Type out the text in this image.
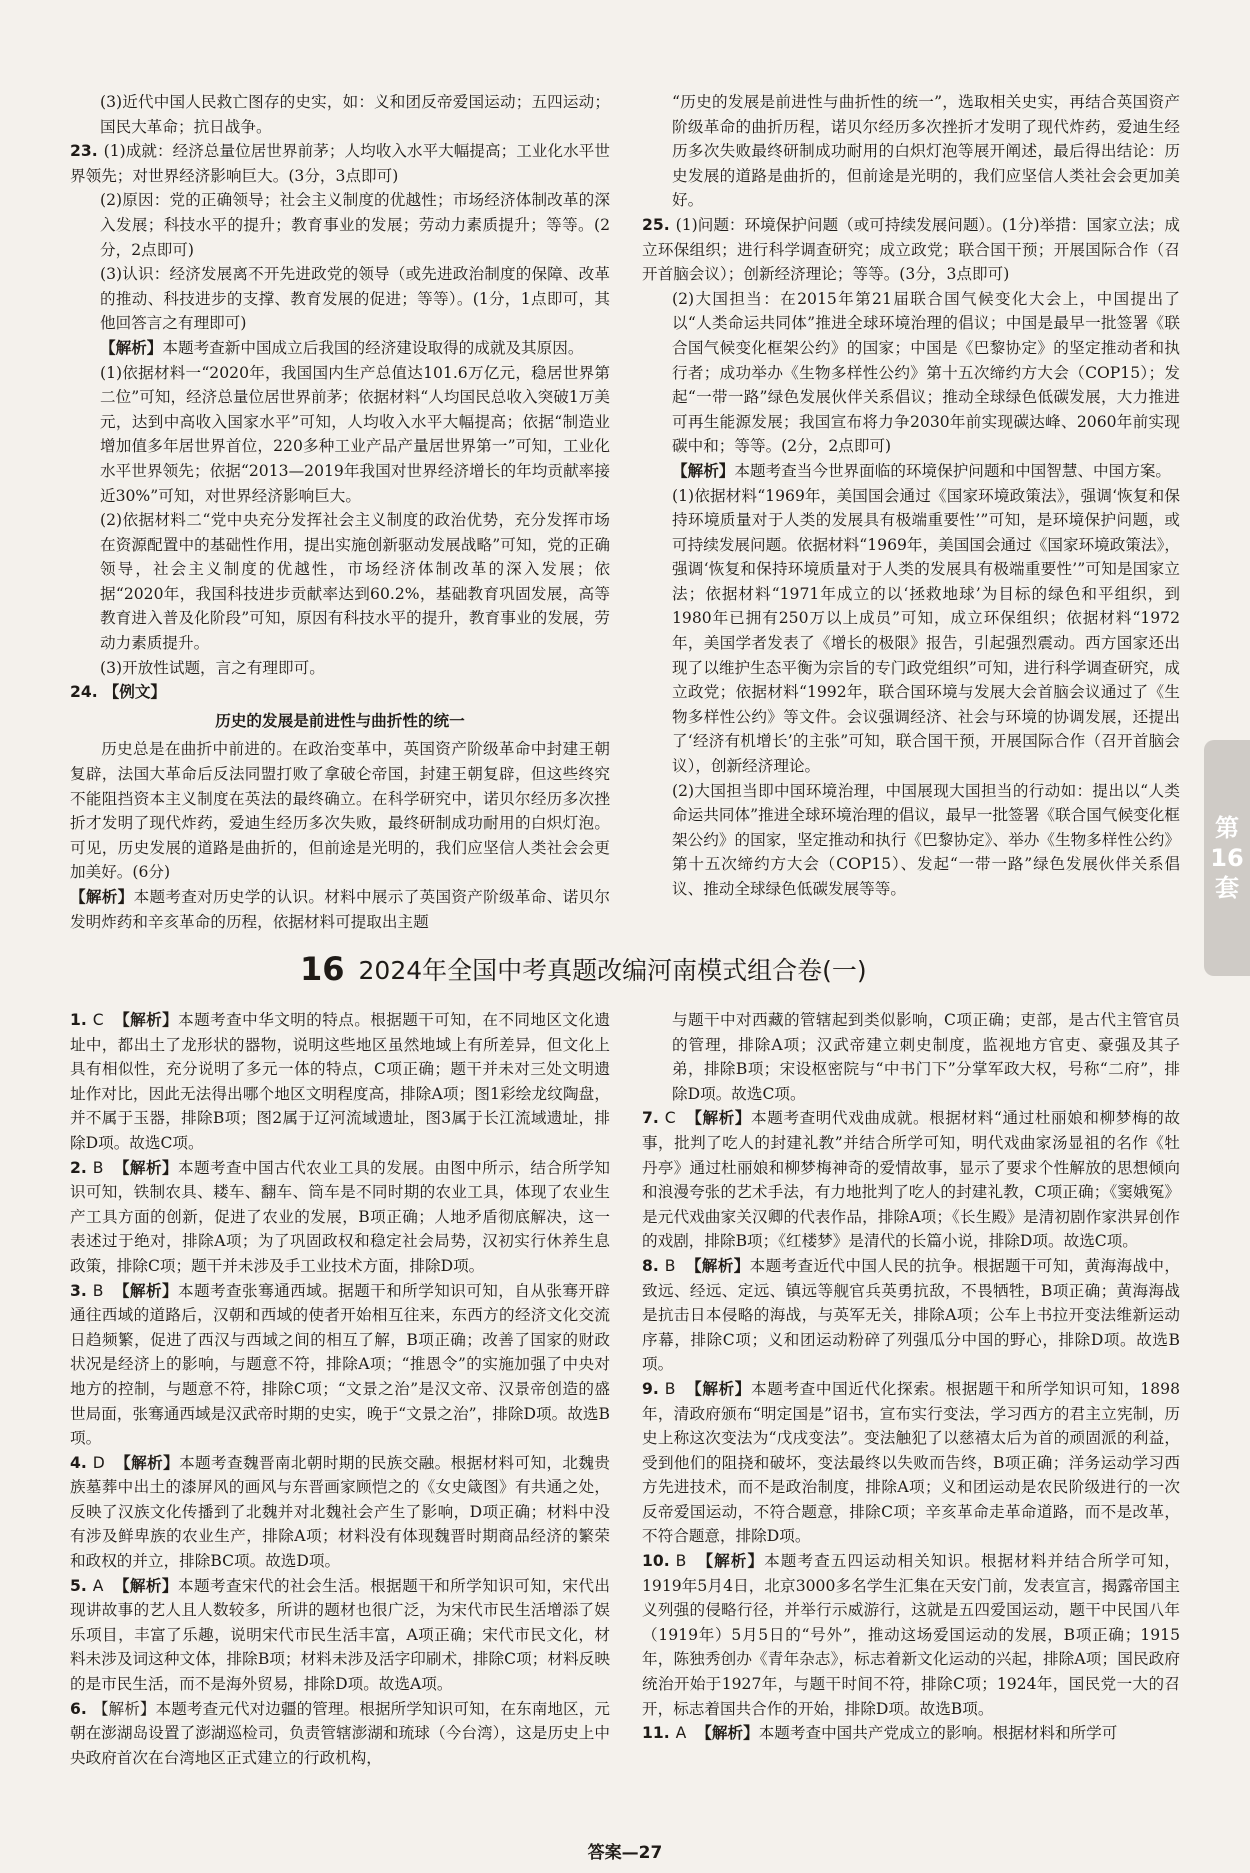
(3)近代中国人民救亡图存的史实，如：义和团反帝爱国运动；五四运动；国民大革命；抗日战争。

23. (1)成就：经济总量位居世界前茅；人均收入水平大幅提高；工业化水平世界领先；对世界经济影响巨大。(3分，3点即可)

(2)原因：党的正确领导；社会主义制度的优越性；市场经济体制改革的深入发展；科技水平的提升；教育事业的发展；劳动力素质提升；等等。(2分，2点即可)

(3)认识：经济发展离不开先进政党的领导（或先进政治制度的保障、改革的推动、科技进步的支撑、教育发展的促进；等等）。(1分，1点即可，其他回答言之有理即可)

【解析】本题考查新中国成立后我国的经济建设取得的成就及其原因。

(1)依据材料一“2020年，我国国内生产总值达101.6万亿元，稳居世界第二位”可知，经济总量位居世界前茅；依据材料“人均国民总收入突破1万美元，达到中高收入国家水平”可知，人均收入水平大幅提高；依据“制造业增加值多年居世界首位，220多种工业产品产量居世界第一”可知，工业化水平世界领先；依据“2013—2019年我国对世界经济增长的年均贡献率接近30%”可知，对世界经济影响巨大。

(2)依据材料二“党中央充分发挥社会主义制度的政治优势，充分发挥市场在资源配置中的基础性作用，提出实施创新驱动发展战略”可知，党的正确领导，社会主义制度的优越性，市场经济体制改革的深入发展；依据“2020年，我国科技进步贡献率达到60.2%，基础教育巩固发展，高等教育进入普及化阶段”可知，原因有科技水平的提升，教育事业的发展，劳动力素质提升。

(3)开放性试题，言之有理即可。

24. 【例文】

历史的发展是前进性与曲折性的统一

历史总是在曲折中前进的。在政治变革中，英国资产阶级革命中封建王朝复辟，法国大革命后反法同盟打败了拿破仑帝国，封建王朝复辟，但这些终究不能阻挡资本主义制度在英法的最终确立。在科学研究中，诺贝尔经历多次挫折才发明了现代炸药，爱迪生经历多次失败，最终研制成功耐用的白炽灯泡。可见，历史发展的道路是曲折的，但前途是光明的，我们应坚信人类社会会更加美好。(6分)

【解析】本题考查对历史学的认识。材料中展示了英国资产阶级革命、诺贝尔发明炸药和辛亥革命的历程，依据材料可提取出主题

“历史的发展是前进性与曲折性的统一”，选取相关史实，再结合英国资产阶级革命的曲折历程，诺贝尔经历多次挫折才发明了现代炸药，爱迪生经历多次失败最终研制成功耐用的白炽灯泡等展开阐述，最后得出结论：历史发展的道路是曲折的，但前途是光明的，我们应坚信人类社会会更加美好。

25. (1)问题：环境保护问题（或可持续发展问题）。(1分)举措：国家立法；成立环保组织；进行科学调查研究；成立政党；联合国干预；开展国际合作（召开首脑会议）；创新经济理论；等等。(3分，3点即可)

(2)大国担当：在2015年第21届联合国气候变化大会上，中国提出了以“人类命运共同体”推进全球环境治理的倡议；中国是最早一批签署《联合国气候变化框架公约》的国家；中国是《巴黎协定》的坚定推动者和执行者；成功举办《生物多样性公约》第十五次缔约方大会（COP15）；发起“一带一路”绿色发展伙伴关系倡议；推动全球绿色低碳发展，大力推进可再生能源发展；我国宣布将力争2030年前实现碳达峰、2060年前实现碳中和；等等。(2分，2点即可)

【解析】本题考查当今世界面临的环境保护问题和中国智慧、中国方案。

(1)依据材料“1969年，美国国会通过《国家环境政策法》，强调‘恢复和保持环境质量对于人类的发展具有极端重要性’”可知，是环境保护问题，或可持续发展问题。依据材料“1969年，美国国会通过《国家环境政策法》，强调‘恢复和保持环境质量对于人类的发展具有极端重要性’”可知是国家立法；依据材料“1971年成立的以‘拯救地球’为目标的绿色和平组织，到1980年已拥有250万以上成员”可知，成立环保组织；依据材料“1972年，美国学者发表了《增长的极限》报告，引起强烈震动。西方国家还出现了以维护生态平衡为宗旨的专门政党组织”可知，进行科学调查研究，成立政党；依据材料“1992年，联合国环境与发展大会首脑会议通过了《生物多样性公约》等文件。会议强调经济、社会与环境的协调发展，还提出了‘经济有机增长’的主张”可知，联合国干预，开展国际合作（召开首脑会议），创新经济理论。

(2)大国担当即中国环境治理，中国展现大国担当的行动如：提出以“人类命运共同体”推进全球环境治理的倡议，最早一批签署《联合国气候变化框架公约》的国家，坚定推动和执行《巴黎协定》、举办《生物多样性公约》第十五次缔约方大会（COP15）、发起“一带一路”绿色发展伙伴关系倡议、推动全球绿色低碳发展等等。

16 2024年全国中考真题改编河南模式组合卷(一)
第
16
套

1. C 【解析】本题考查中华文明的特点。根据题干可知，在不同地区文化遗址中，都出土了龙形状的器物，说明这些地区虽然地域上有所差异，但文化上具有相似性，充分说明了多元一体的特点，C项正确；题干并未对三处文明遗址作对比，因此无法得出哪个地区文明程度高，排除A项；图1彩绘龙纹陶盘，并不属于玉器，排除B项；图2属于辽河流域遗址，图3属于长江流域遗址，排除D项。故选C项。

2. B 【解析】本题考查中国古代农业工具的发展。由图中所示，结合所学知识可知，铁制农具、耧车、翻车、筒车是不同时期的农业工具，体现了农业生产工具方面的创新，促进了农业的发展，B项正确；人地矛盾彻底解决，这一表述过于绝对，排除A项；为了巩固政权和稳定社会局势，汉初实行休养生息政策，排除C项；题干并未涉及手工业技术方面，排除D项。

3. B 【解析】本题考查张骞通西域。据题干和所学知识可知，自从张骞开辟通往西域的道路后，汉朝和西域的使者开始相互往来，东西方的经济文化交流日趋频繁，促进了西汉与西域之间的相互了解，B项正确；改善了国家的财政状况是经济上的影响，与题意不符，排除A项；“推恩令”的实施加强了中央对地方的控制，与题意不符，排除C项；“文景之治”是汉文帝、汉景帝创造的盛世局面，张骞通西域是汉武帝时期的史实，晚于“文景之治”，排除D项。故选B项。

4. D 【解析】本题考查魏晋南北朝时期的民族交融。根据材料可知，北魏贵族墓葬中出土的漆屏风的画风与东晋画家顾恺之的《女史箴图》有共通之处，反映了汉族文化传播到了北魏并对北魏社会产生了影响，D项正确；材料中没有涉及鲜卑族的农业生产，排除A项；材料没有体现魏晋时期商品经济的繁荣和政权的并立，排除BC项。故选D项。

5. A 【解析】本题考查宋代的社会生活。根据题干和所学知识可知，宋代出现讲故事的艺人且人数较多，所讲的题材也很广泛，为宋代市民生活增添了娱乐项目，丰富了乐趣，说明宋代市民生活丰富，A项正确；宋代市民文化，材料未涉及词这种文体，排除B项；材料未涉及活字印刷术，排除C项；材料反映的是市民生活，而不是海外贸易，排除D项。故选A项。

6. 【解析】本题考查元代对边疆的管理。根据所学知识可知，在东南地区，元朝在澎湖岛设置了澎湖巡检司，负责管辖澎湖和琉球（今台湾），这是历史上中央政府首次在台湾地区正式建立的行政机构，

与题干中对西藏的管辖起到类似影响，C项正确；吏部，是古代主管官员的管理，排除A项；汉武帝建立刺史制度，监视地方官吏、豪强及其子弟，排除B项；宋设枢密院与“中书门下”分掌军政大权，号称“二府”，排除D项。故选C项。

7. C 【解析】本题考查明代戏曲成就。根据材料“通过杜丽娘和柳梦梅的故事，批判了吃人的封建礼教”并结合所学可知，明代戏曲家汤显祖的名作《牡丹亭》通过杜丽娘和柳梦梅神奇的爱情故事，显示了要求个性解放的思想倾向和浪漫夸张的艺术手法，有力地批判了吃人的封建礼教，C项正确；《窦娥冤》是元代戏曲家关汉卿的代表作品，排除A项；《长生殿》是清初剧作家洪昇创作的戏剧，排除B项；《红楼梦》是清代的长篇小说，排除D项。故选C项。

8. B 【解析】本题考查近代中国人民的抗争。根据题干可知，黄海海战中，致远、经远、定远、镇远等舰官兵英勇抗敌，不畏牺牲，B项正确；黄海海战是抗击日本侵略的海战，与英军无关，排除A项；公车上书拉开变法维新运动序幕，排除C项；义和团运动粉碎了列强瓜分中国的野心，排除D项。故选B项。

9. B 【解析】本题考查中国近代化探索。根据题干和所学知识可知，1898年，清政府颁布“明定国是”诏书，宣布实行变法，学习西方的君主立宪制，历史上称这次变法为“戊戌变法”。变法触犯了以慈禧太后为首的顽固派的利益，受到他们的阻挠和破坏，变法最终以失败而告终，B项正确；洋务运动学习西方先进技术，而不是政治制度，排除A项；义和团运动是农民阶级进行的一次反帝爱国运动，不符合题意，排除C项；辛亥革命走革命道路，而不是改革，不符合题意，排除D项。

10. B 【解析】本题考查五四运动相关知识。根据材料并结合所学可知，1919年5月4日，北京3000多名学生汇集在天安门前，发表宣言，揭露帝国主义列强的侵略行径，并举行示威游行，这就是五四爱国运动，题干中民国八年（1919年）5月5日的“号外”，推动这场爱国运动的发展，B项正确；1915年，陈独秀创办《青年杂志》，标志着新文化运动的兴起，排除A项；国民政府统治开始于1927年，与题干时间不符，排除C项；1924年，国民党一大的召开，标志着国共合作的开始，排除D项。故选B项。

11. A 【解析】本题考查中国共产党成立的影响。根据材料和所学可

答案—27
